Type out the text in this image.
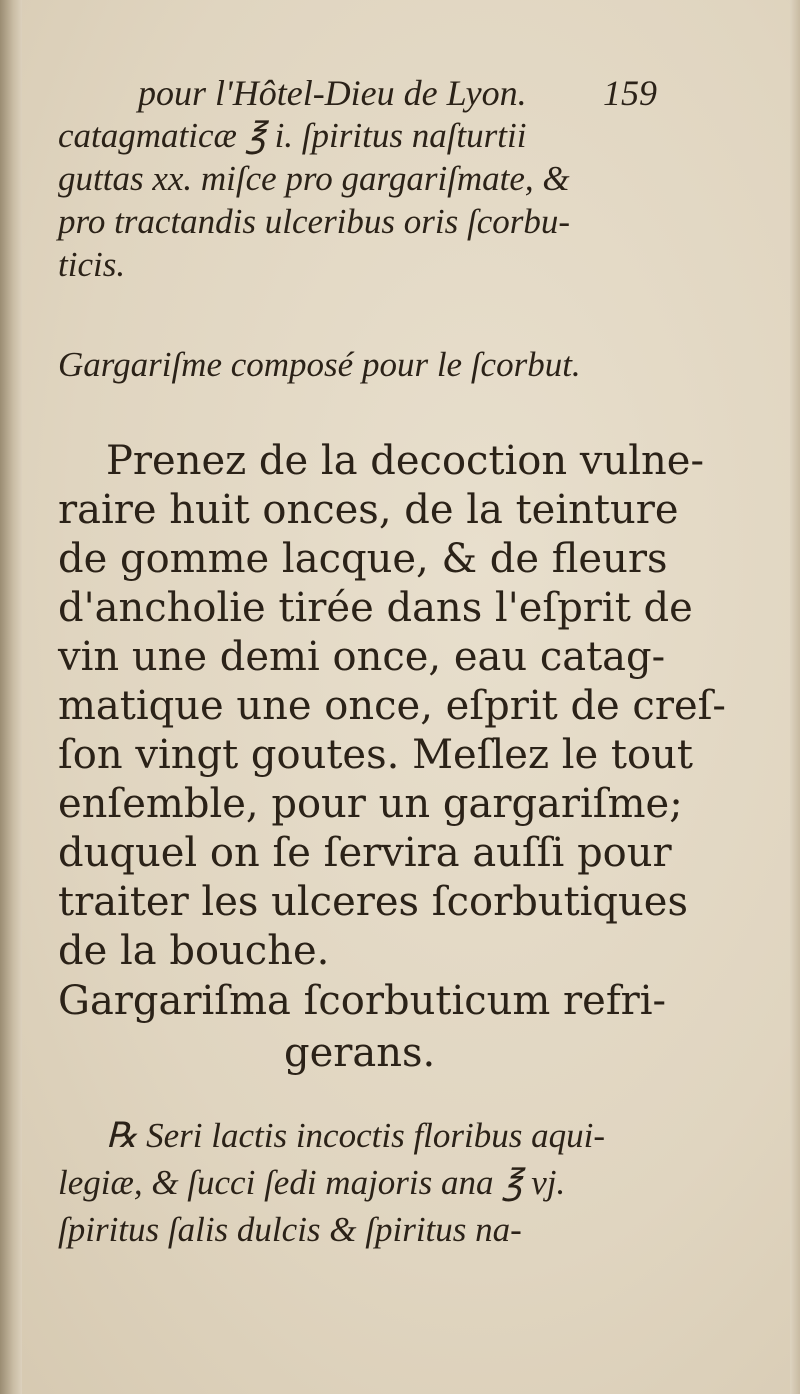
pour l'Hôtel-Dieu de Lyon. 159
catagmaticæ ℥ i. ſpiritus naſturtii
guttas xx. miſce pro gargariſmate, &
pro tractandis ulceribus oris ſcorbu-
ticis.
Gargariſme composé pour le ſcorbut.
Prenez de la decoction vulne-
raire huit onces, de la teinture
de gomme lacque, & de fleurs
d'ancholie tirée dans l'eſprit de
vin une demi once, eau catag-
matique une once, eſprit de creſ-
ſon vingt goutes. Meſlez le tout
enſemble, pour un gargariſme;
duquel on ſe ſervira auſſi pour
traiter les ulceres ſcorbutiques
de la bouche.
Gargariſma ſcorbuticum refri-
gerans.
℞ Seri lactis incoctis floribus aqui-
legiæ, & ſucci ſedi majoris ana ℥ vj.
ſpiritus ſalis dulcis & ſpiritus na-
